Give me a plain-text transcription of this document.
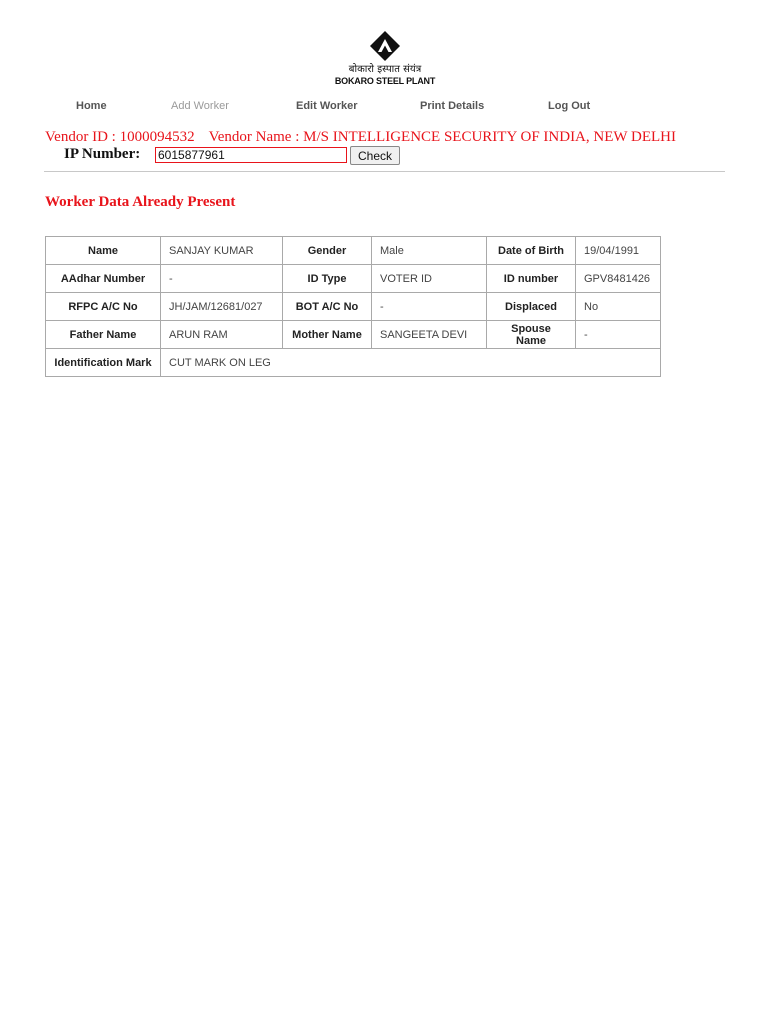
बोकारो इस्पात संयंत्र
BOKARO STEEL PLANT
Home	Add Worker	Edit Worker	Print Details	Log Out
Vendor ID : 1000094532 Vendor Name : M/S INTELLIGENCE SECURITY OF INDIA, NEW DELHI
IP Number:
6015877961	Check
Worker Data Already Present
Name	SANJAY KUMAR	Gender	Male	Date of Birth	19/04/1991
AAdhar Number	-	ID Type	VOTER ID	ID number	GPV8481426
RFPC A/C No	JH/JAM/12681/027	BOT A/C No	-	Displaced	No
Father Name	ARUN RAM	Mother Name	SANGEETA DEVI	Spouse Name	-
Identification Mark	CUT MARK ON LEG				
